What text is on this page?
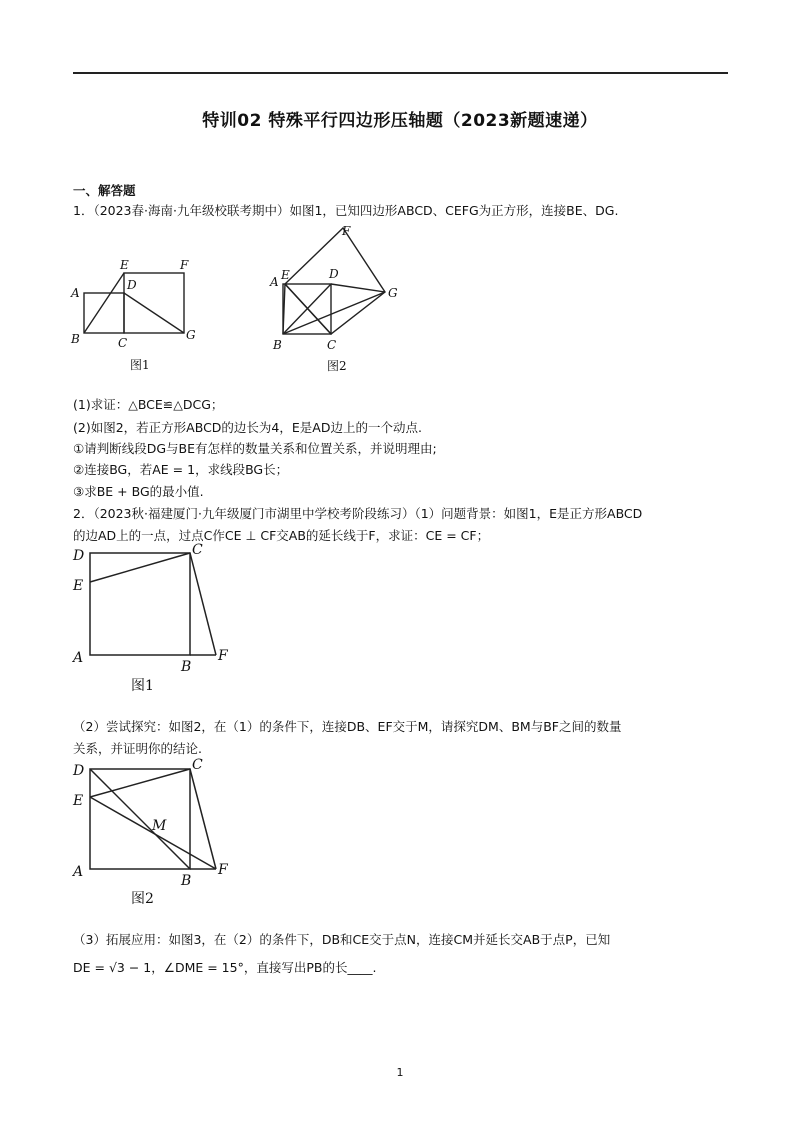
特训02 特殊平行四边形压轴题（2023新题速递）
一、解答题
1．（2023春·海南·九年级校联考期中）如图1，已知四边形ABCD、CEFG为正方形，连接BE、DG.
A
B	C
D
E	F
G
图1
A
B	C
D
E
F
G
图2
(1)求证：△BCE≌△DCG；
(2)如图2，若正方形ABCD的边长为4，E是AD边上的一个动点.
①请判断线段DG与BE有怎样的数量关系和位置关系，并说明理由;
②连接BG，若AE = 1，求线段BG长；
③求BE + BG的最小值.
2．（2023秋·福建厦门·九年级厦门市湖里中学校考阶段练习）（1）问题背景：如图1，E是正方形ABCD
的边AD上的一点，过点C作CE ⊥ CF交AB的延长线于F，求证：CE = CF；
D	C
E
A
B
F
图1
（2）尝试探究：如图2，在（1）的条件下，连接DB、EF交于M，请探究DM、BM与BF之间的数量
关系，并证明你的结论.
D	C
E
M
A
B
F
图2
（3）拓展应用：如图3，在（2）的条件下，DB和CE交于点N，连接CM并延长交AB于点P，已知
DE = √3 − 1，∠DME = 15°，直接写出PB的长____.
1
